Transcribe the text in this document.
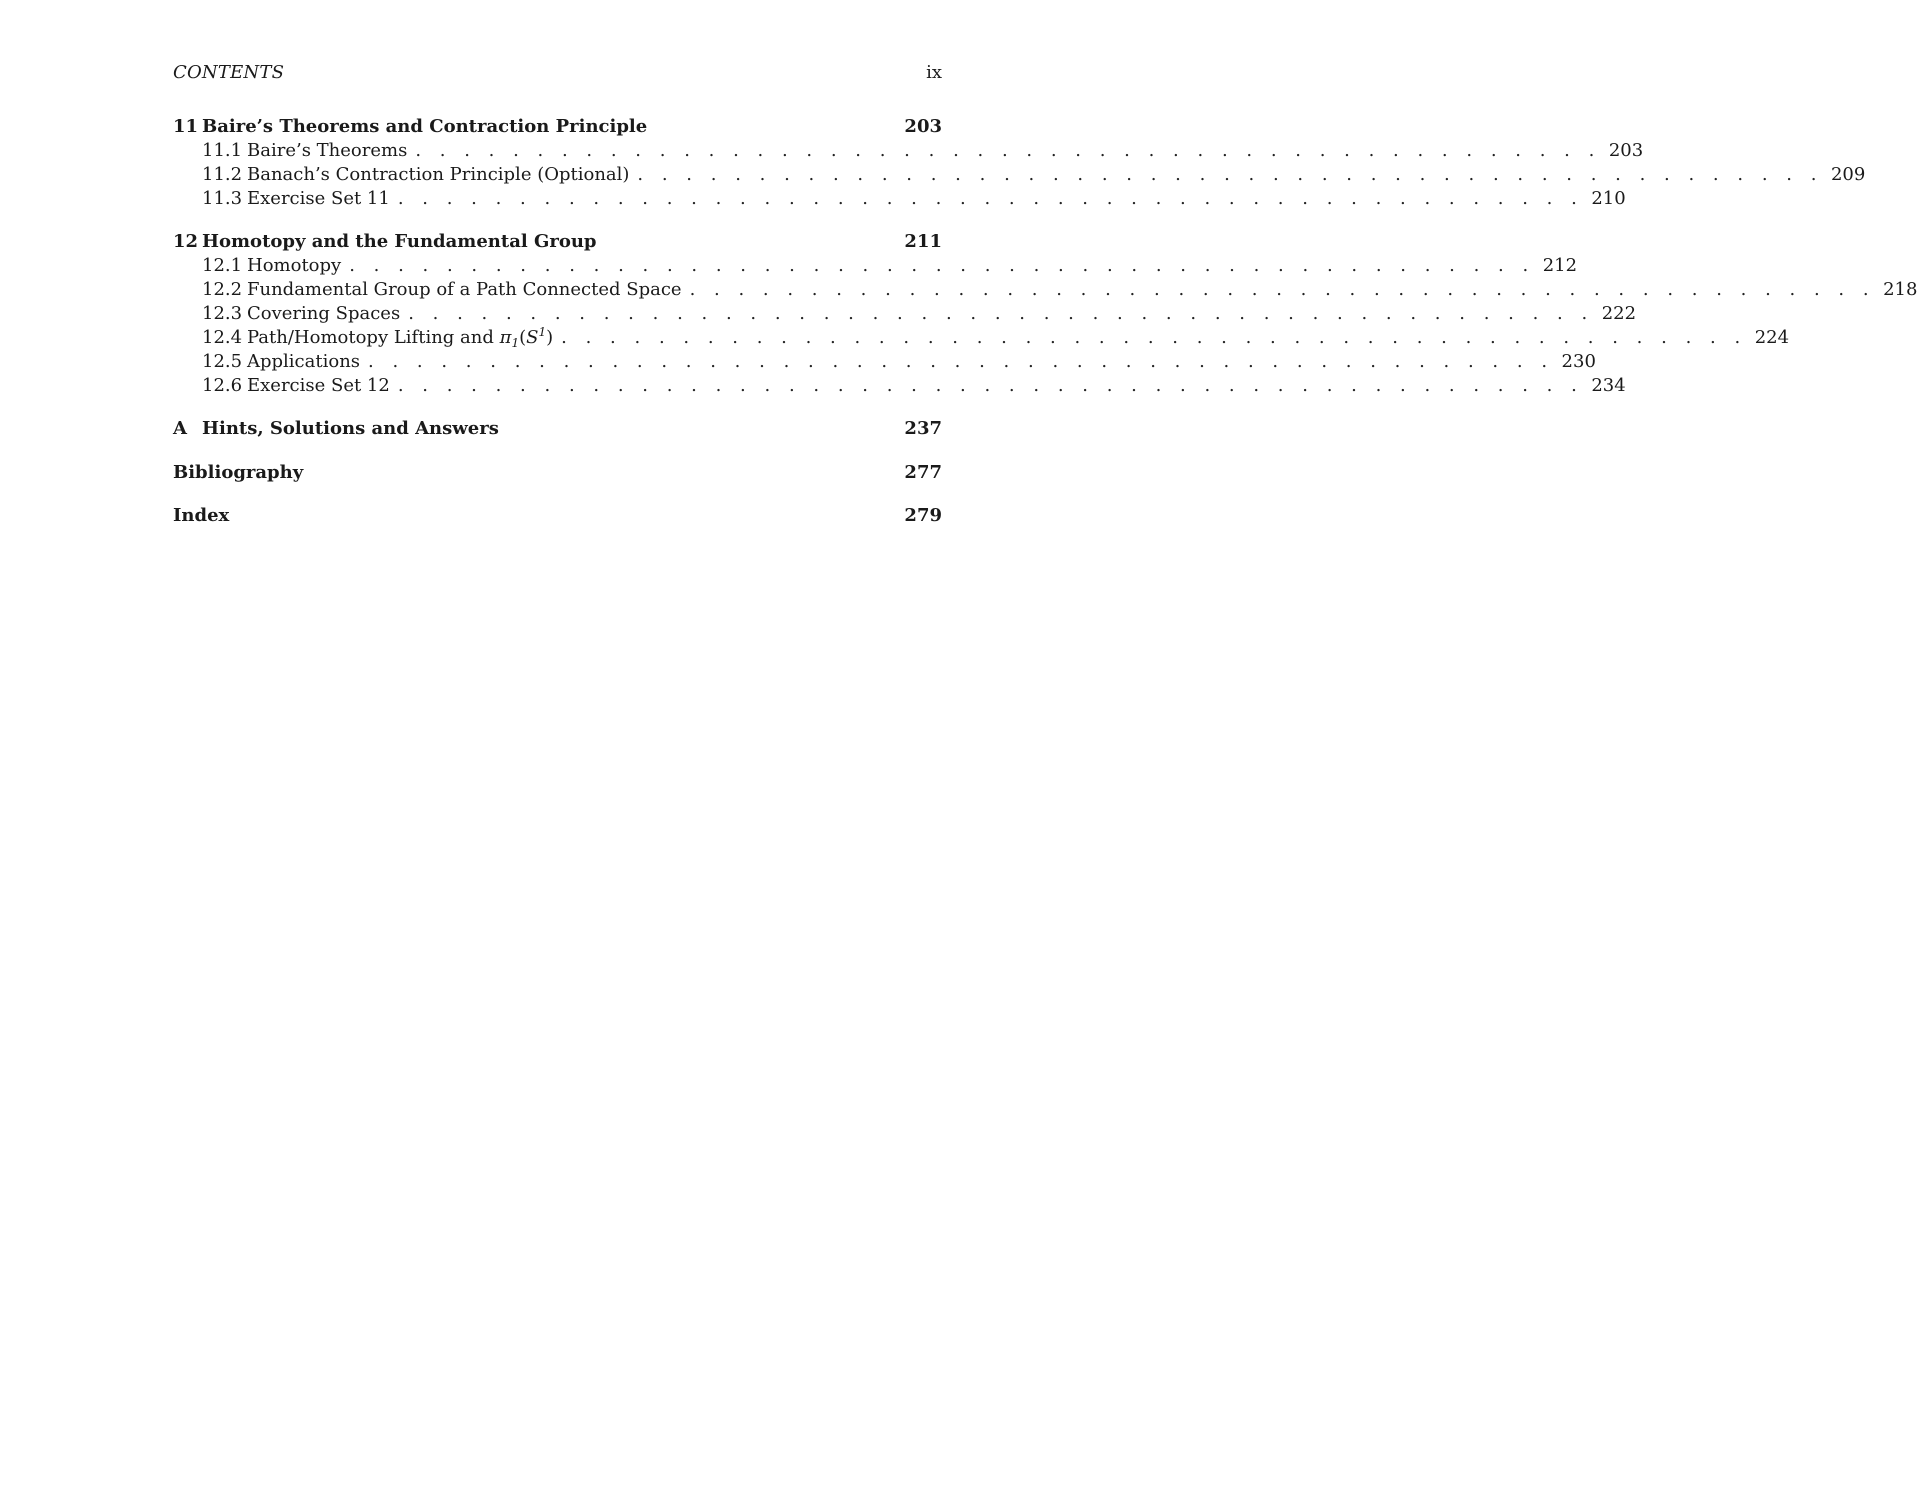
CONTENTS	ix
11 Baire’s Theorems and Contraction Principle	203
11.1 Baire’s Theorems . . . . . . . . . . . . . . . . . . . . . . . . . . . . . . . . . . . . . . . . . . . . . . . . . 203
11.2 Banach’s Contraction Principle (Optional) . . . . . . . . . . . . . . . . . . . . . . . . . . . . . . . . . . . . . . . . . . . . . . . . . 209
11.3 Exercise Set 11 . . . . . . . . . . . . . . . . . . . . . . . . . . . . . . . . . . . . . . . . . . . . . . . . . 210
12 Homotopy and the Fundamental Group	211
12.1 Homotopy . . . . . . . . . . . . . . . . . . . . . . . . . . . . . . . . . . . . . . . . . . . . . . . . . 212
12.2 Fundamental Group of a Path Connected Space . . . . . . . . . . . . . . . . . . . . . . . . . . . . . . . . . . . . . . . . . . . . . . . . . 218
12.3 Covering Spaces . . . . . . . . . . . . . . . . . . . . . . . . . . . . . . . . . . . . . . . . . . . . . . . . . 222
12.4 Path/Homotopy Lifting and $\pi_1(S^1)$ . . . . . . . . . . . . . . . . . . . . . . . . . . . . . . . . . . . . . . . . . . . . . . . . . 224
12.5 Applications . . . . . . . . . . . . . . . . . . . . . . . . . . . . . . . . . . . . . . . . . . . . . . . . . 230
12.6 Exercise Set 12 . . . . . . . . . . . . . . . . . . . . . . . . . . . . . . . . . . . . . . . . . . . . . . . . . 234
A Hints, Solutions and Answers	237
Bibliography	277
Index	279
